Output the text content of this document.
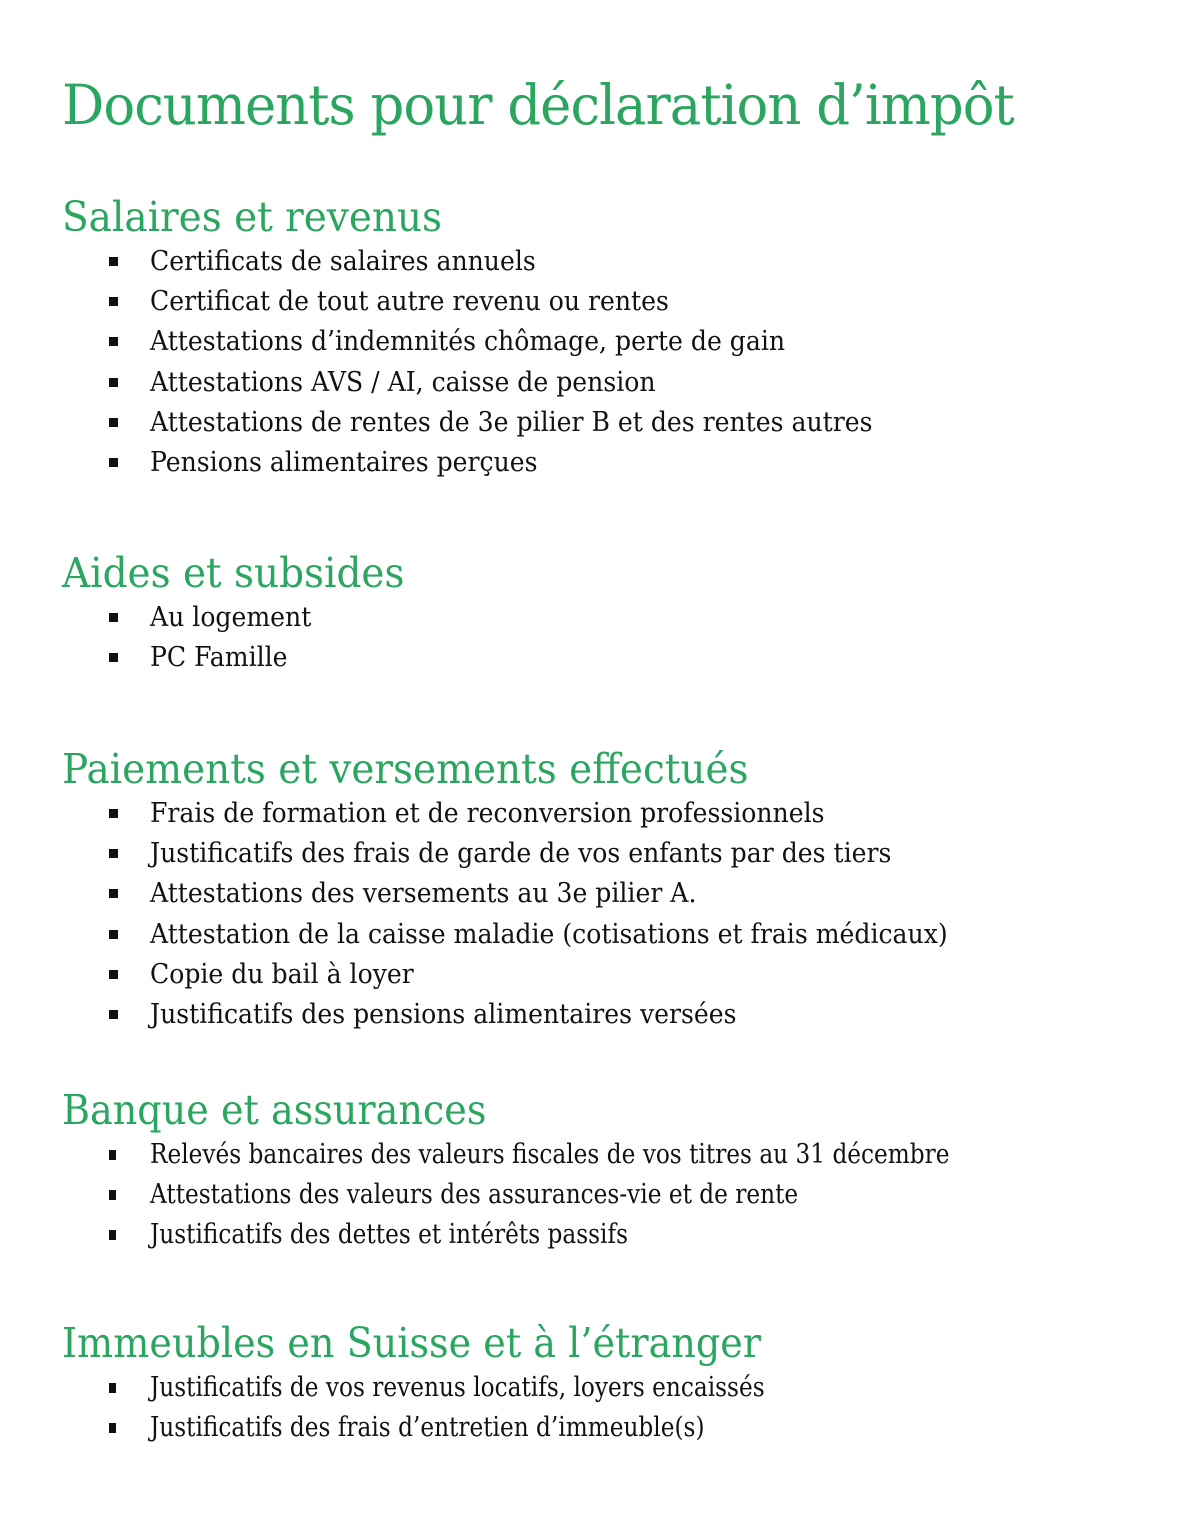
Documents pour déclaration d’impôt
Salaires et revenus
Certificats de salaires annuels
Certificat de tout autre revenu ou rentes
Attestations d’indemnités chômage, perte de gain
Attestations AVS / AI, caisse de pension
Attestations de rentes de 3e pilier B et des rentes autres
Pensions alimentaires perçues
Aides et subsides
Au logement
PC Famille
Paiements et versements effectués
Frais de formation et de reconversion professionnels
Justificatifs des frais de garde de vos enfants par des tiers
Attestations des versements au 3e pilier A.
Attestation de la caisse maladie (cotisations et frais médicaux)
Copie du bail à loyer
Justificatifs des pensions alimentaires versées
Banque et assurances
Relevés bancaires des valeurs fiscales de vos titres au 31 décembre
Attestations des valeurs des assurances-vie et de rente
Justificatifs des dettes et intérêts passifs
Immeubles en Suisse et à l’étranger
Justificatifs de vos revenus locatifs, loyers encaissés
Justificatifs des frais d’entretien d’immeuble(s)
